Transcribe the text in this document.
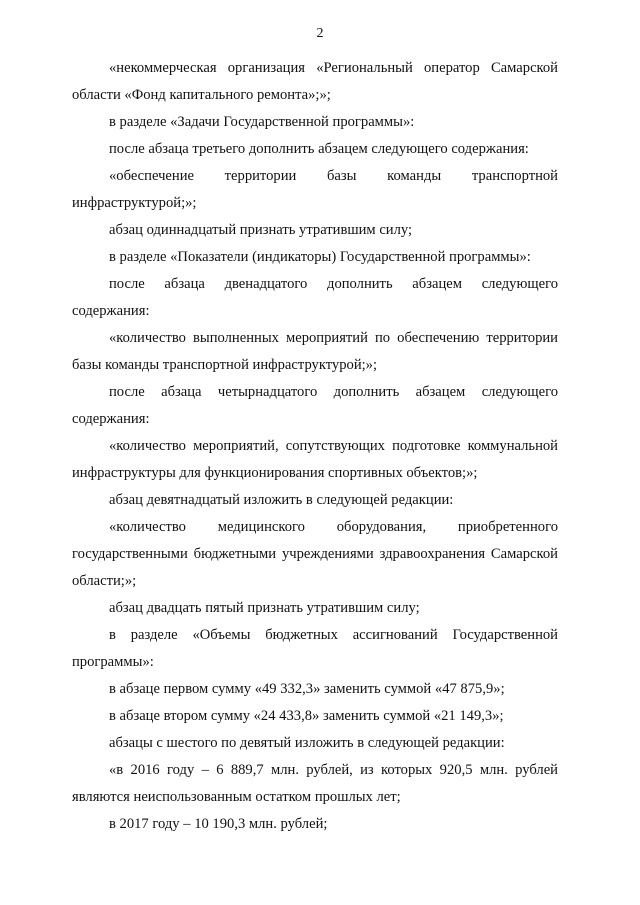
2

«некоммерческая организация «Региональный оператор Самарской области «Фонд капитального ремонта»;»;

в разделе «Задачи Государственной программы»:

после абзаца третьего дополнить абзацем следующего содержания:

«обеспечение территории базы команды транспортной инфраструктурой;»;

абзац одиннадцатый признать утратившим силу;

в разделе «Показатели (индикаторы) Государственной программы»:

после абзаца двенадцатого дополнить абзацем следующего содержания:

«количество выполненных мероприятий по обеспечению территории базы команды транспортной инфраструктурой;»;

после абзаца четырнадцатого дополнить абзацем следующего содержания:

«количество мероприятий, сопутствующих подготовке коммунальной инфраструктуры для функционирования спортивных объектов;»;

абзац девятнадцатый изложить в следующей редакции:

«количество медицинского оборудования, приобретенного государственными бюджетными учреждениями здравоохранения Самарской области;»;

абзац двадцать пятый признать утратившим силу;

в разделе «Объемы бюджетных ассигнований Государственной программы»:

в абзаце первом сумму «49 332,3» заменить суммой «47 875,9»;

в абзаце втором сумму «24 433,8» заменить суммой «21 149,3»;

абзацы с шестого по девятый изложить в следующей редакции:

«в 2016 году – 6 889,7 млн. рублей, из которых 920,5 млн. рублей являются неиспользованным остатком прошлых лет;

в 2017 году – 10 190,3 млн. рублей;
